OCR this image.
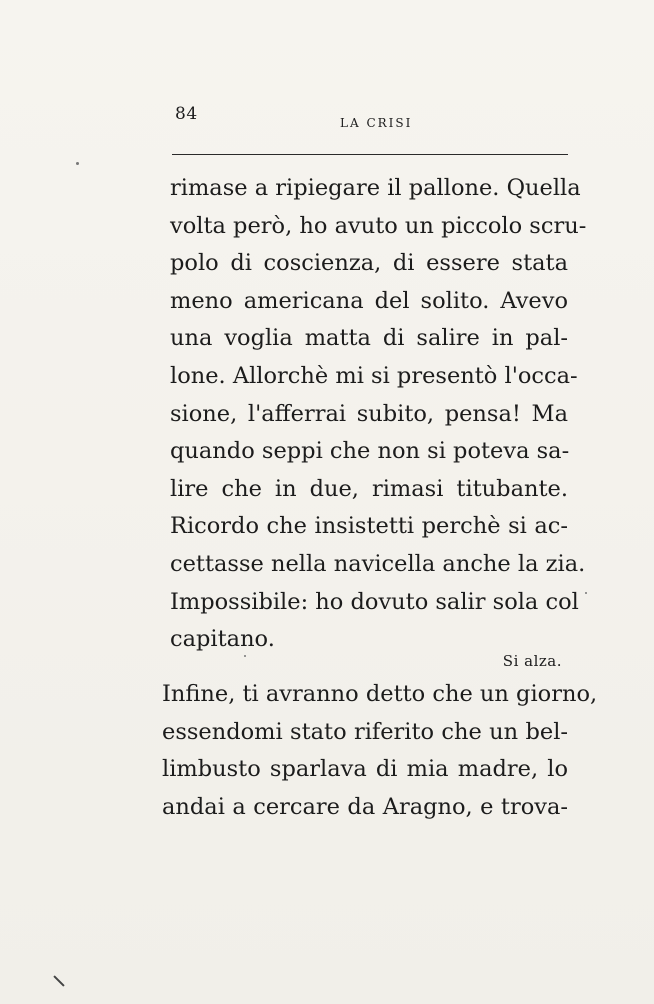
84	LA CRISI
rimase a ripiegare il pallone. Quella
volta però, ho avuto un piccolo scru-
polo di coscienza, di essere stata
meno americana del solito. Avevo
una voglia matta di salire in pal-
lone. Allorchè mi si presentò l'occa-
sione, l'afferrai subito, pensa! Ma
quando seppi che non si poteva sa-
lire che in due, rimasi titubante.
Ricordo che insistetti perchè si ac-
cettasse nella navicella anche la zia.
Impossibile: ho dovuto salir sola col
capitano.
Si alza.
Infine, ti avranno detto che un giorno,
essendomi stato riferito che un bel-
limbusto sparlava di mia madre, lo
andai a cercare da Aragno, e trova-
